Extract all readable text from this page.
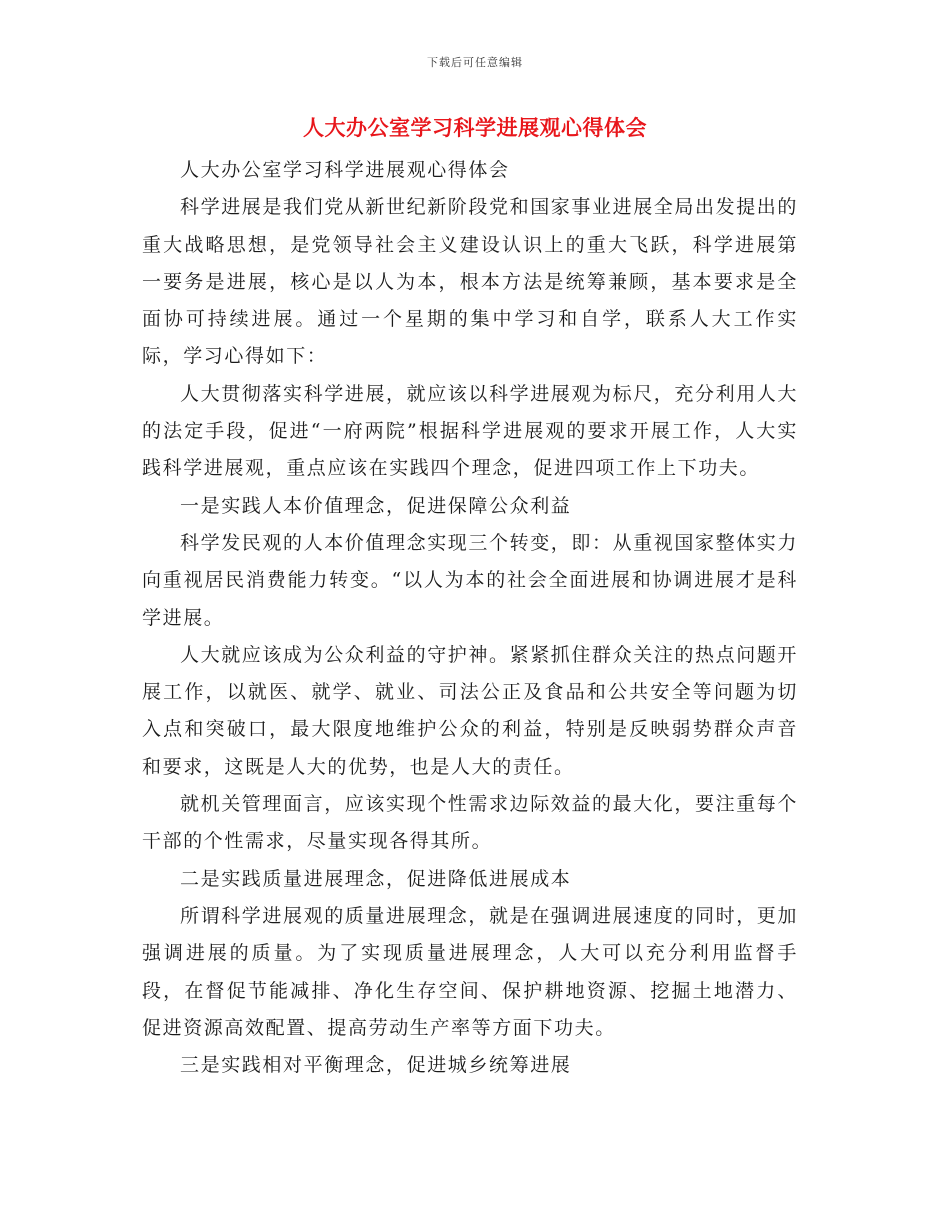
下载后可任意编辑
人大办公室学习科学进展观心得体会

人大办公室学习科学进展观心得体会

科学进展是我们党从新世纪新阶段党和国家事业进展全局出发提出的重大战略思想，是党领导社会主义建设认识上的重大飞跃，科学进展第一要务是进展，核心是以人为本，根本方法是统筹兼顾，基本要求是全面协可持续进展。通过一个星期的集中学习和自学，联系人大工作实际，学习心得如下：

人大贯彻落实科学进展，就应该以科学进展观为标尺，充分利用人大的法定手段，促进“一府两院”根据科学进展观的要求开展工作，人大实践科学进展观，重点应该在实践四个理念，促进四项工作上下功夫。

一是实践人本价值理念，促进保障公众利益

科学发民观的人本价值理念实现三个转变，即：从重视国家整体实力向重视居民消费能力转变。“以人为本的社会全面进展和协调进展才是科学进展。

人大就应该成为公众利益的守护神。紧紧抓住群众关注的热点问题开展工作，以就医、就学、就业、司法公正及食品和公共安全等问题为切入点和突破口，最大限度地维护公众的利益，特别是反映弱势群众声音和要求，这既是人大的优势，也是人大的责任。

就机关管理面言，应该实现个性需求边际效益的最大化，要注重每个干部的个性需求，尽量实现各得其所。

二是实践质量进展理念，促进降低进展成本

所谓科学进展观的质量进展理念，就是在强调进展速度的同时，更加强调进展的质量。为了实现质量进展理念，人大可以充分利用监督手段，在督促节能减排、净化生存空间、保护耕地资源、挖掘土地潜力、促进资源高效配置、提高劳动生产率等方面下功夫。

三是实践相对平衡理念，促进城乡统筹进展
